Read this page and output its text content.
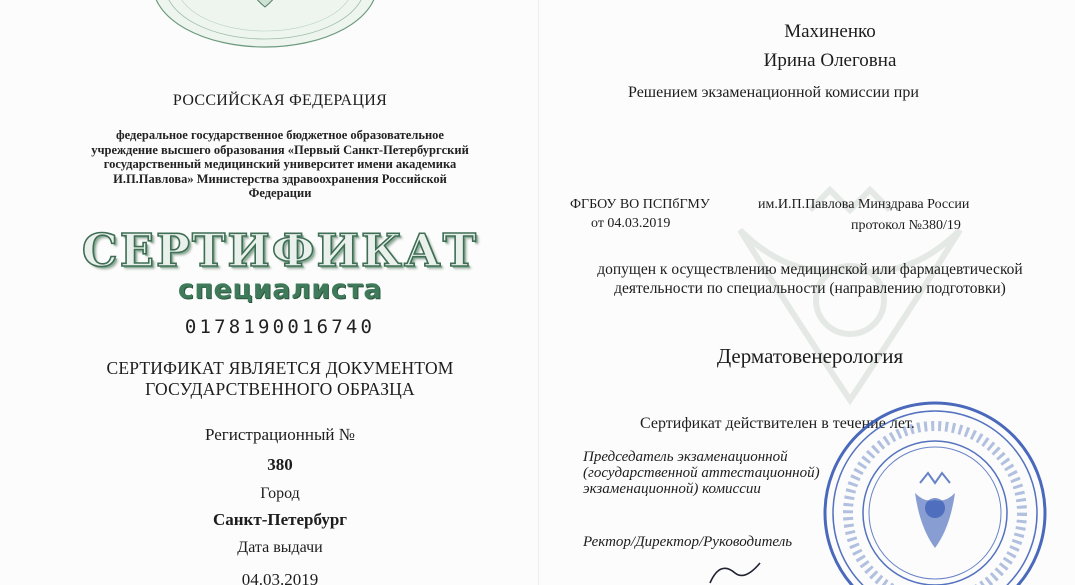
РОССИЙСКАЯ ФЕДЕРАЦИЯ
федеральное государственное бюджетное образовательное учреждение высшего образования «Первый Санкт-Петербургский государственный медицинский университет имени академика И.П.Павлова» Министерства здравоохранения Российской Федерации
СЕРТИФИКАТ
специалиста
0178190016740
СЕРТИФИКАТ ЯВЛЯЕТСЯ ДОКУМЕНТОМ
ГОСУДАРСТВЕННОГО ОБРАЗЦА
Регистрационный №
380
Город
Санкт-Петербург
Дата выдачи
04.03.2019
Махиненко
Ирина Олеговна
Решением экзаменационной комиссии при
ФГБОУ ВО ПСПбГМУ	им.И.П.Павлова Минздрава России
от 04.03.2019	протокол №380/19
допущен к осуществлению медицинской или фармацевтической деятельности по специальности (направлению подготовки)
Дерматовенерология
Сертификат действителен в течение лет.
Председатель экзаменационной
(государственной аттестационной)
экзаменационной) комиссии
Ректор/Директор/Руководитель
